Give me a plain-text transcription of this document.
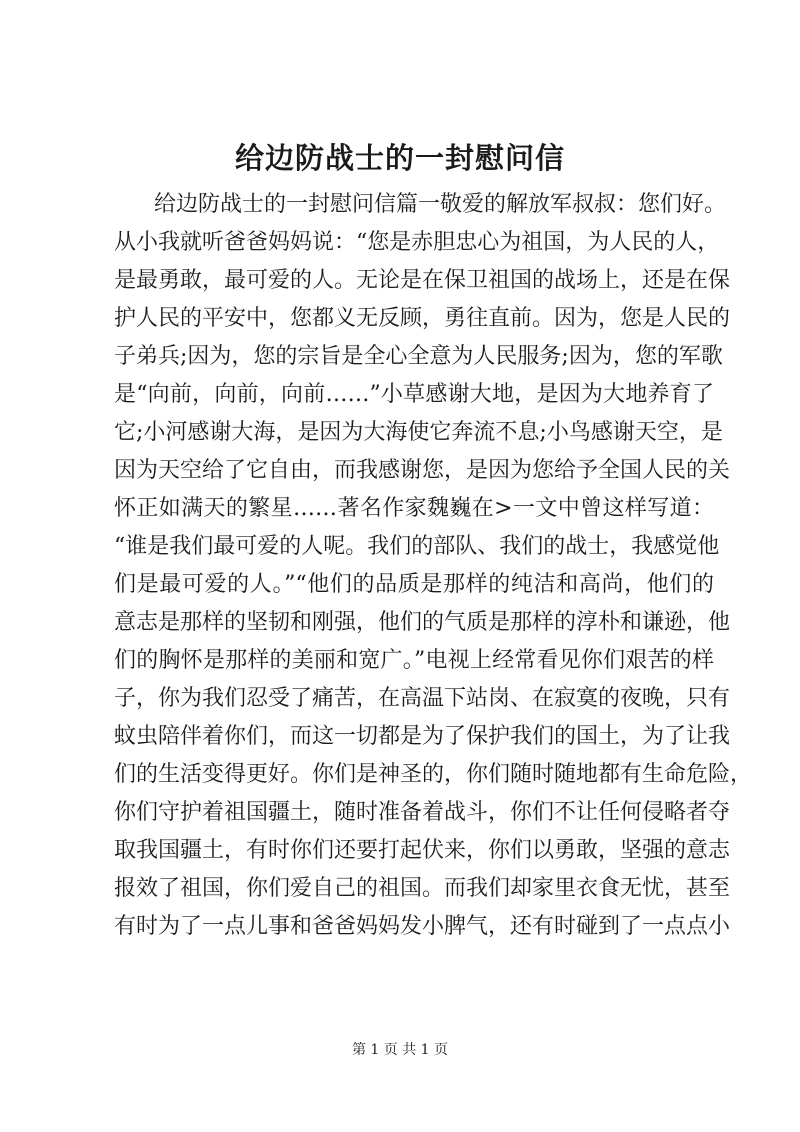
给边防战士的一封慰问信
给边防战士的一封慰问信篇一敬爱的解放军叔叔：您们好。
从小我就听爸爸妈妈说：“您是赤胆忠心为祖国，为人民的人，
是最勇敢，最可爱的人。无论是在保卫祖国的战场上，还是在保
护人民的平安中，您都义无反顾，勇往直前。因为，您是人民的
子弟兵;因为，您的宗旨是全心全意为人民服务;因为，您的军歌
是“向前，向前，向前……”小草感谢大地，是因为大地养育了
它;小河感谢大海，是因为大海使它奔流不息;小鸟感谢天空，是
因为天空给了它自由，而我感谢您，是因为您给予全国人民的关
怀正如满天的繁星……著名作家魏巍在>一文中曾这样写道：
“谁是我们最可爱的人呢。我们的部队、我们的战士，我感觉他
们是最可爱的人。”“他们的品质是那样的纯洁和高尚，他们的
意志是那样的坚韧和刚强，他们的气质是那样的淳朴和谦逊，他
们的胸怀是那样的美丽和宽广。”电视上经常看见你们艰苦的样
子，你为我们忍受了痛苦，在高温下站岗、在寂寞的夜晚，只有
蚊虫陪伴着你们，而这一切都是为了保护我们的国土，为了让我
们的生活变得更好。你们是神圣的，你们随时随地都有生命危险，
你们守护着祖国疆土，随时准备着战斗，你们不让任何侵略者夺
取我国疆土，有时你们还要打起伏来，你们以勇敢，坚强的意志
报效了祖国，你们爱自己的祖国。而我们却家里衣食无忧，甚至
有时为了一点儿事和爸爸妈妈发小脾气，还有时碰到了一点点小
第 1 页 共 1 页
